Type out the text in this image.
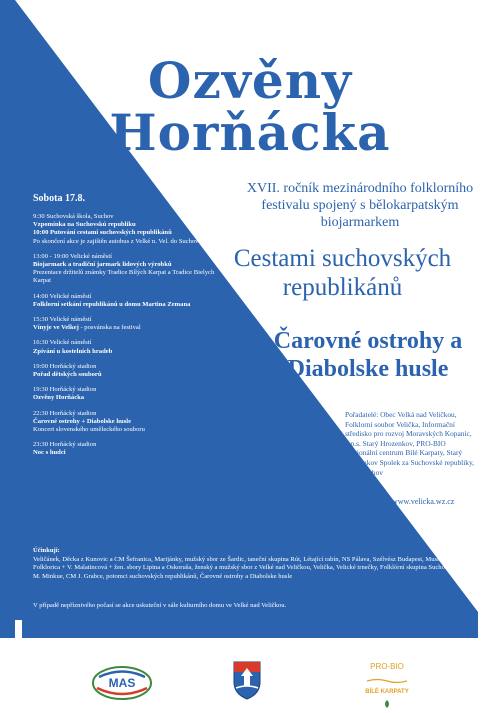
Ozvěny
Horňácka

XVII. ročník mezinárodního folklorního festivalu spojený s bělokarpatským biojarmarkem

Cestami suchovských republikánů

Čarovné ostrohy a Diabolske husle

Pořadatelé: Obec Velká nad Veličkou, Folklorní soubor Velička, Informační středisko pro rozvoj Moravských Kopanic, o.p.s. Starý Hrozenkov, PRO-BIO Regionální centrum Bílé Karpaty, Starý Hrozenkov Spolek za Suchovské republiky, obec Suchov

www.velicka.wz.cz
Sobota 17.8.
9:30 Suchovská škola, Suchov
Vzpomínka na Suchovskú republiku
10:00 Putování cestami suchovských republikánů
Po skončení akce je zajištěn autobus z Velké n. Vel. do Suchova.
13:00 - 19:00 Velické náměstí
Biojarmark a tradiční jarmark lidových výrobků
Prezentace držitelů známky Tradice Bílých Karpat a Tradice Bielych Karpat
14:00 Velické náměstí
Folklorní setkání republikánů u domu Martina Zemana
15:30 Velické náměstí
Vínyje ve Velkej - posvánska na festival
16:30 Velické náměstí
Zpívání u kostelních hradeb
19:00 Horňácký stadion
Pořad dětských souborů
19:30 Horňácký stadion
Ozvěny Horňácka
22:30 Horňácký stadion
Čarovné ostrohy + Diabolske husle
Koncert slovenského uměleckého souboru
23:30 Horňácký stadion
Noc s hudci
Účinkují:
Veličánek, Děcka z Kunovic a CM Šefranica, Marijánky, mužský sbor ze Šardic, taneční skupina Rút, Létající rabín, NS Pálava, Szélvész Budapest, Musica Folklorica + V. Malatincová + žen. sbory Lipina a Oskoruša, ženský a mužský sbor z Velké nad Veličkou, Velička, Velické trnečky, Folklórní skupina Suchovjan, CM M. Minkue, CM J. Grabce, potomci suchovských republikánů, Čarovné ostrohy a Diabolske husle
V případě nepříznivého počasí se akce uskuteční v sále kulturního domu ve Velké nad Veličkou.
MAS
PRO-BIO
BÍLÉ KARPATY
